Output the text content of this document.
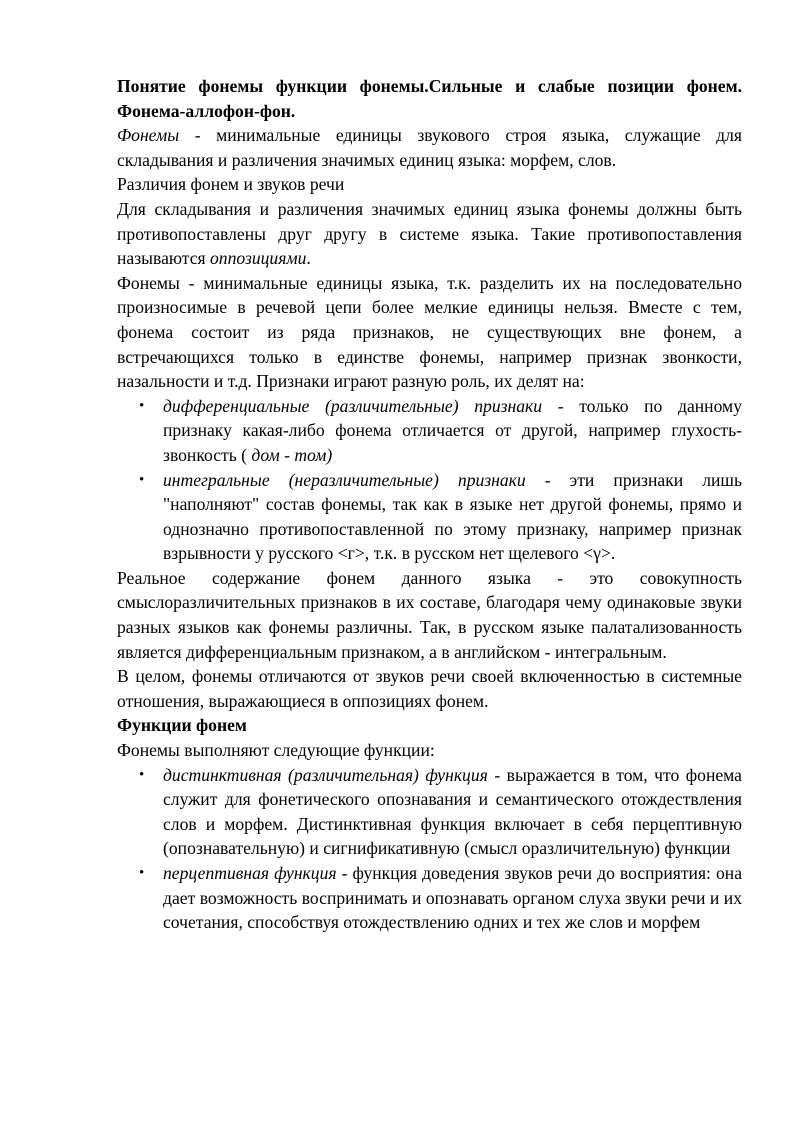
Понятие фонемы функции фонемы.Сильные и слабые позиции фонем. Фонема-аллофон-фон.

Фонемы - минимальные единицы звукового строя языка, служащие для складывания и различения значимых единиц языка: морфем, слов.

Различия фонем и звуков речи

Для складывания и различения значимых единиц языка фонемы должны быть противопоставлены друг другу в системе языка. Такие противопоставления называются оппозициями.

Фонемы - минимальные единицы языка, т.к. разделить их на последовательно произносимые в речевой цепи более мелкие единицы нельзя. Вместе с тем, фонема состоит из ряда признаков, не существующих вне фонем, а встречающихся только в единстве фонемы, например признак звонкости, назальности и т.д. Признаки играют разную роль, их делят на:

• дифференциальные (различительные) признаки - только по данному признаку какая-либо фонема отличается от другой, например глухость-звонкость ( дом - том)
• интегральные (неразличительные) признаки - эти признаки лишь "наполняют" состав фонемы, так как в языке нет другой фонемы, прямо и однозначно противопоставленной по этому признаку, например признак взрывности у русского <г>, т.к. в русском нет щелевого <γ>.

Реальное содержание фонем данного языка - это совокупность смыслоразличительных признаков в их составе, благодаря чему одинаковые звуки разных языков как фонемы различны. Так, в русском языке палатализованность является дифференциальным признаком, а в английском - интегральным.

В целом, фонемы отличаются от звуков речи своей включенностью в системные отношения, выражающиеся в оппозициях фонем.

Функции фонем

Фонемы выполняют следующие функции:

• дистинктивная (различительная) функция - выражается в том, что фонема служит для фонетического опознавания и семантического отождествления слов и морфем. Дистинктивная функция включает в себя перцептивную (опознавательную) и сигнификативную (смысл оразличительную) функции
• перцептивная функция - функция доведения звуков речи до восприятия: она дает возможность воспринимать и опознавать органом слуха звуки речи и их сочетания, способствуя отождествлению одних и тех же слов и морфем
